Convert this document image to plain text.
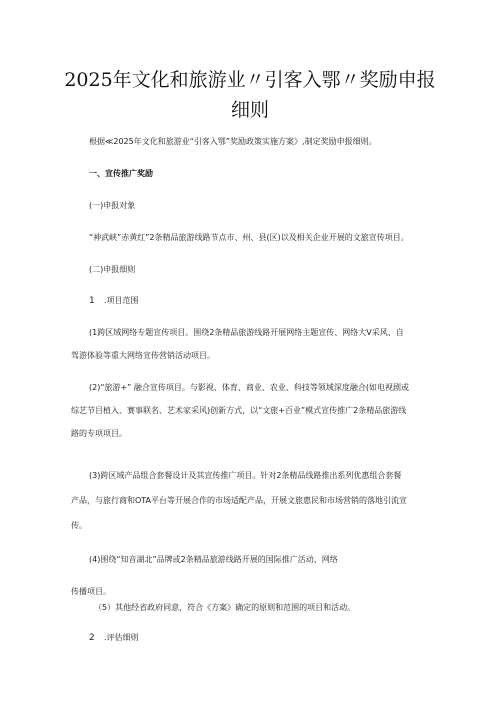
2025年文化和旅游业〃引客入鄂〃奖励申报
细则
根据≪2025年文化和旅游业“引客入鄂”奖励政策实施方案》,制定奖励申报细则。
一、宣传推广奖励
(一)申报对象
“神武峡”赤黄红”2条精品旅游线路节点市、州、县(区)以及相关企业开展的文旅宣传项目。
(二)申报细则
1 .项目范围
(1跨区域网络专题宣传项目。围绕2条精品旅游线路开展网络主题宣传、网络大V采风、自
驾游体验等重大网络宣传营销活动项目。
(2)“旅游+” 融合宣传项目。与影视、体育、商业、农业、科技等领域深度融合(如电视剧或
综艺节目植入、赛事联名、艺术家采风)创新方式，以“文旅+百业”模式宣传推广2条精品旅游线
路的专项项目。
(3)跨区域产品组合套餐设计及其宣传推广项目。针对2条精品线路推出系列优惠组合套餐
产品，与旅行商和OTA平台等开展合作的市场适配产品，开展文旅惠民和市场营销的落地引流宣
传。
(4)围绕“知音湖北”品牌或2条精品旅游线路开展的国际推广活动、网络
传播项目。
（5）其他经省政府同意，符合《方案》确定的原则和范围的项目和活动。
2 .评估细则
